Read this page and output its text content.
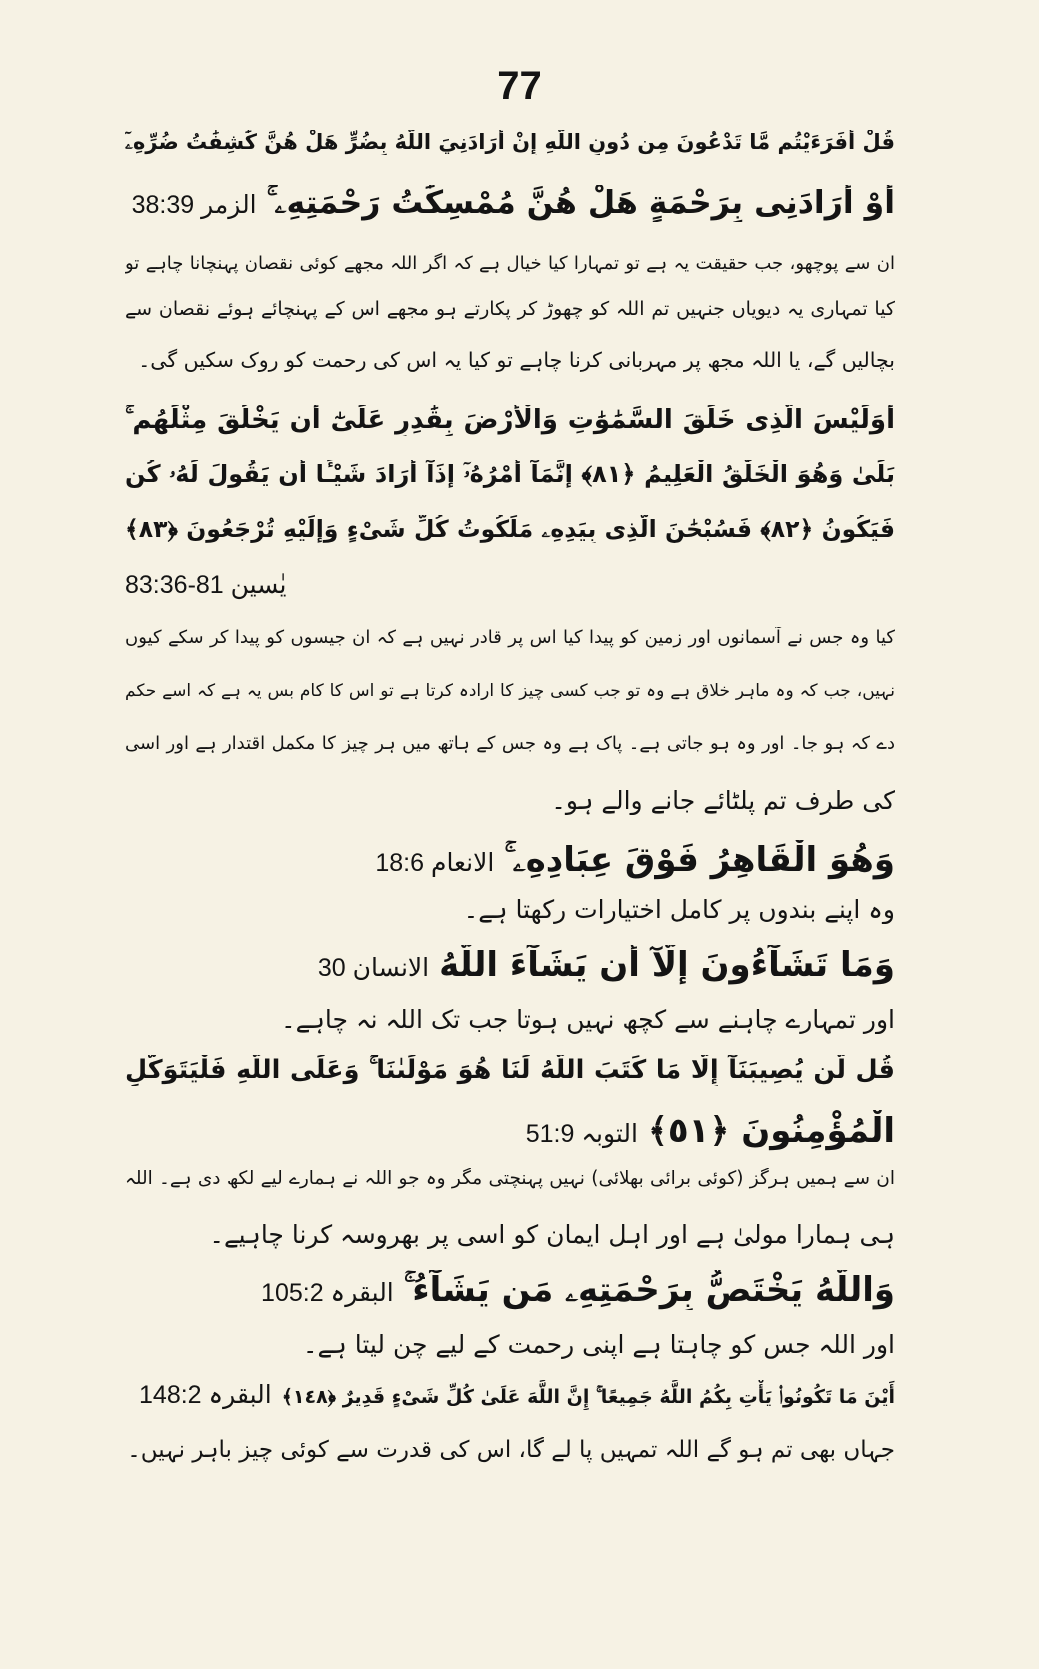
77
قُلْ أَفَرَءَيْتُم مَّا تَدْعُونَ مِن دُونِ اللَّهِ إِنْ أَرَادَنِيَ اللَّهُ بِضُرٍّ هَلْ هُنَّ كَٰشِفَٰتُ ضُرِّهِۦٓ
أَوْ أَرَادَنِى بِرَحْمَةٍ هَلْ هُنَّ مُمْسِكَٰتُ رَحْمَتِهِۦ ۚالزمر 38:39
ان سے پوچھو، جب حقیقت یہ ہے تو تمہارا کیا خیال ہے کہ اگر اللہ مجھے کوئی نقصان پہنچانا چاہے تو
کیا تمہاری یہ دیویاں جنہیں تم اللہ کو چھوڑ کر پکارتے ہو مجھے اس کے پہنچائے ہوئے نقصان سے
بچالیں گے، یا اللہ مجھ پر مہربانی کرنا چاہے تو کیا یہ اس کی رحمت کو روک سکیں گی۔
أَوَلَيْسَ الَّذِى خَلَقَ السَّمَٰوَٰتِ وَالْأَرْضَ بِقَٰدِرٍ عَلَىٰٓ أَن يَخْلُقَ مِثْلَهُم ۚ
بَلَىٰ وَهُوَ الْخَلَّٰقُ الْعَلِيمُ ﴿٨١﴾ إِنَّمَآ أَمْرُهُۥٓ إِذَآ أَرَادَ شَيْـًٔا أَن يَقُولَ لَهُۥ كُن
فَيَكُونُ ﴿٨٢﴾ فَسُبْحَٰنَ الَّذِى بِيَدِهِۦ مَلَكُوتُ كُلِّ شَىْءٍ وَإِلَيْهِ تُرْجَعُونَ ﴿٨٣﴾
يٰسين 81-83:36
کیا وہ جس نے آسمانوں اور زمین کو پیدا کیا اس پر قادر نہیں ہے کہ ان جیسوں کو پیدا کر سکے کیوں
نہیں، جب کہ وہ ماہر خلاق ہے وہ تو جب کسی چیز کا ارادہ کرتا ہے تو اس کا کام بس یہ ہے کہ اسے حکم
دے کہ ہو جا۔ اور وہ ہو جاتی ہے۔ پاک ہے وہ جس کے ہاتھ میں ہر چیز کا مکمل اقتدار ہے اور اسی
کی طرف تم پلٹائے جانے والے ہو۔
وَهُوَ الْقَاهِرُ فَوْقَ عِبَادِهِۦ ۚالانعام 18:6
وہ اپنے بندوں پر کامل اختیارات رکھتا ہے۔
وَمَا تَشَآءُونَ إِلَّآ أَن يَشَآءَ اللَّهُالانسان 30
اور تمہارے چاہنے سے کچھ نہیں ہوتا جب تک اللہ نہ چاہے۔
قُل لَّن يُصِيبَنَآ إِلَّا مَا كَتَبَ اللَّهُ لَنَا هُوَ مَوْلَىٰنَا ۚ وَعَلَى اللَّهِ فَلْيَتَوَكَّلِ
الْمُؤْمِنُونَ ﴿٥١﴾التوبہ 51:9
ان سے ہمیں ہرگز (کوئی برائی بھلائی) نہیں پہنچتی مگر وہ جو اللہ نے ہمارے لیے لکھ دی ہے۔ اللہ
ہی ہمارا مولیٰ ہے اور اہل ایمان کو اسی پر بھروسہ کرنا چاہیے۔
وَاللَّهُ يَخْتَصُّ بِرَحْمَتِهِۦ مَن يَشَآءُ ۚالبقرہ 105:2
اور اللہ جس کو چاہتا ہے اپنی رحمت کے لیے چن لیتا ہے۔
أَيْنَ مَا تَكُونُوا۟ يَأْتِ بِكُمُ اللَّهُ جَمِيعًا ۚ إِنَّ اللَّهَ عَلَىٰ كُلِّ شَىْءٍ قَدِيرٌ ﴿١٤٨﴾البقرہ 148:2
جہاں بھی تم ہو گے اللہ تمہیں پا لے گا، اس کی قدرت سے کوئی چیز باہر نہیں۔
